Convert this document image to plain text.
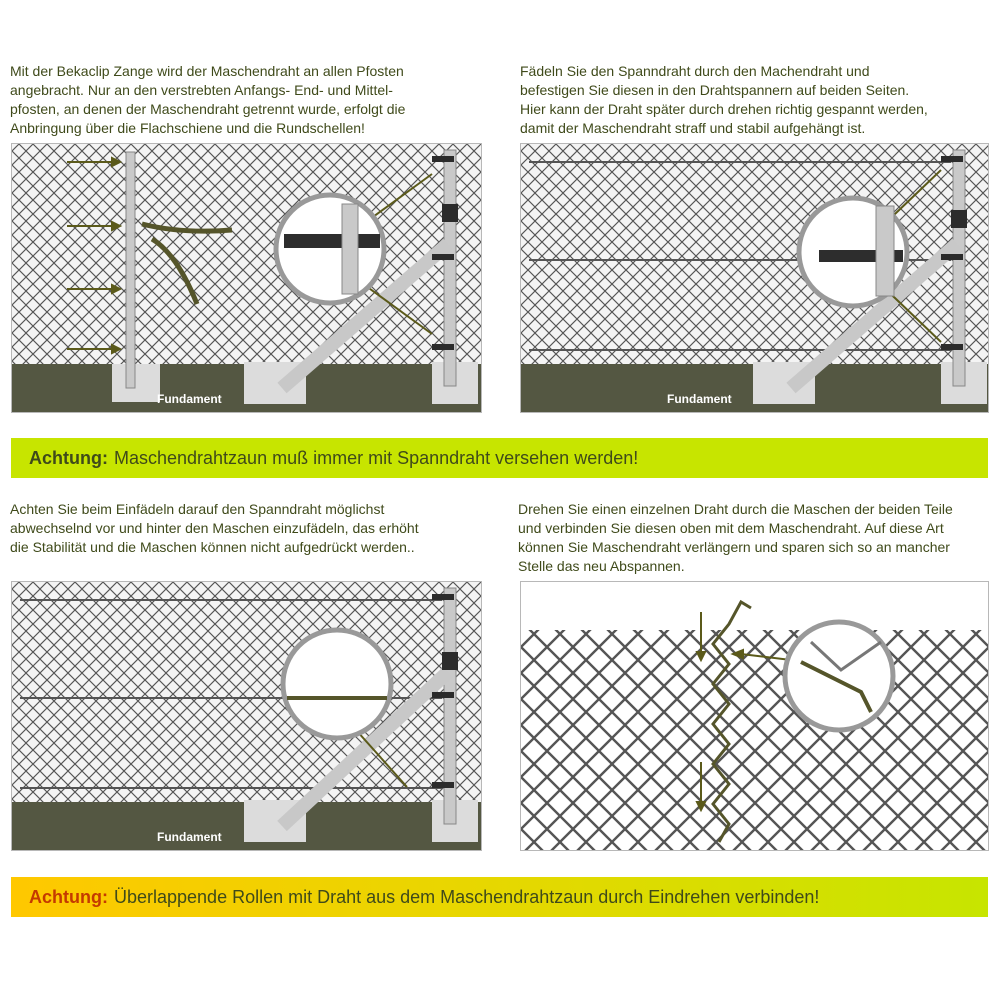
Mit der Bekaclip Zange wird der Maschendraht an allen Pfosten
angebracht. Nur an den verstrebten Anfangs- End- und Mittel-
pfosten, an denen der Maschendraht getrennt wurde, erfolgt die
Anbringung über die Flachschiene und die Rundschellen!

Fädeln Sie den Spanndraht durch den Machendraht und
befestigen Sie diesen in den Drahtspannern auf beiden Seiten.
Hier kann der Draht später durch drehen richtig gespannt werden,
damit der Maschendraht straff und stabil aufgehängt ist.

Achten Sie beim Einfädeln darauf den Spanndraht möglichst
abwechselnd vor und hinter den Maschen einzufädeln, das erhöht
die Stabilität und die Maschen können nicht aufgedrückt werden..

Drehen Sie einen einzelnen Draht durch die Maschen der beiden Teile
und verbinden Sie diesen oben mit dem Maschendraht. Auf diese Art
können Sie Maschendraht verlängern und sparen sich so an mancher
Stelle das neu Abspannen.

Fundament	Fundament
Achtung: Maschendrahtzaun muß immer mit Spanndraht versehen werden!
Fundament
Achtung: Überlappende Rollen mit Draht aus dem Maschendrahtzaun durch Eindrehen verbinden!
